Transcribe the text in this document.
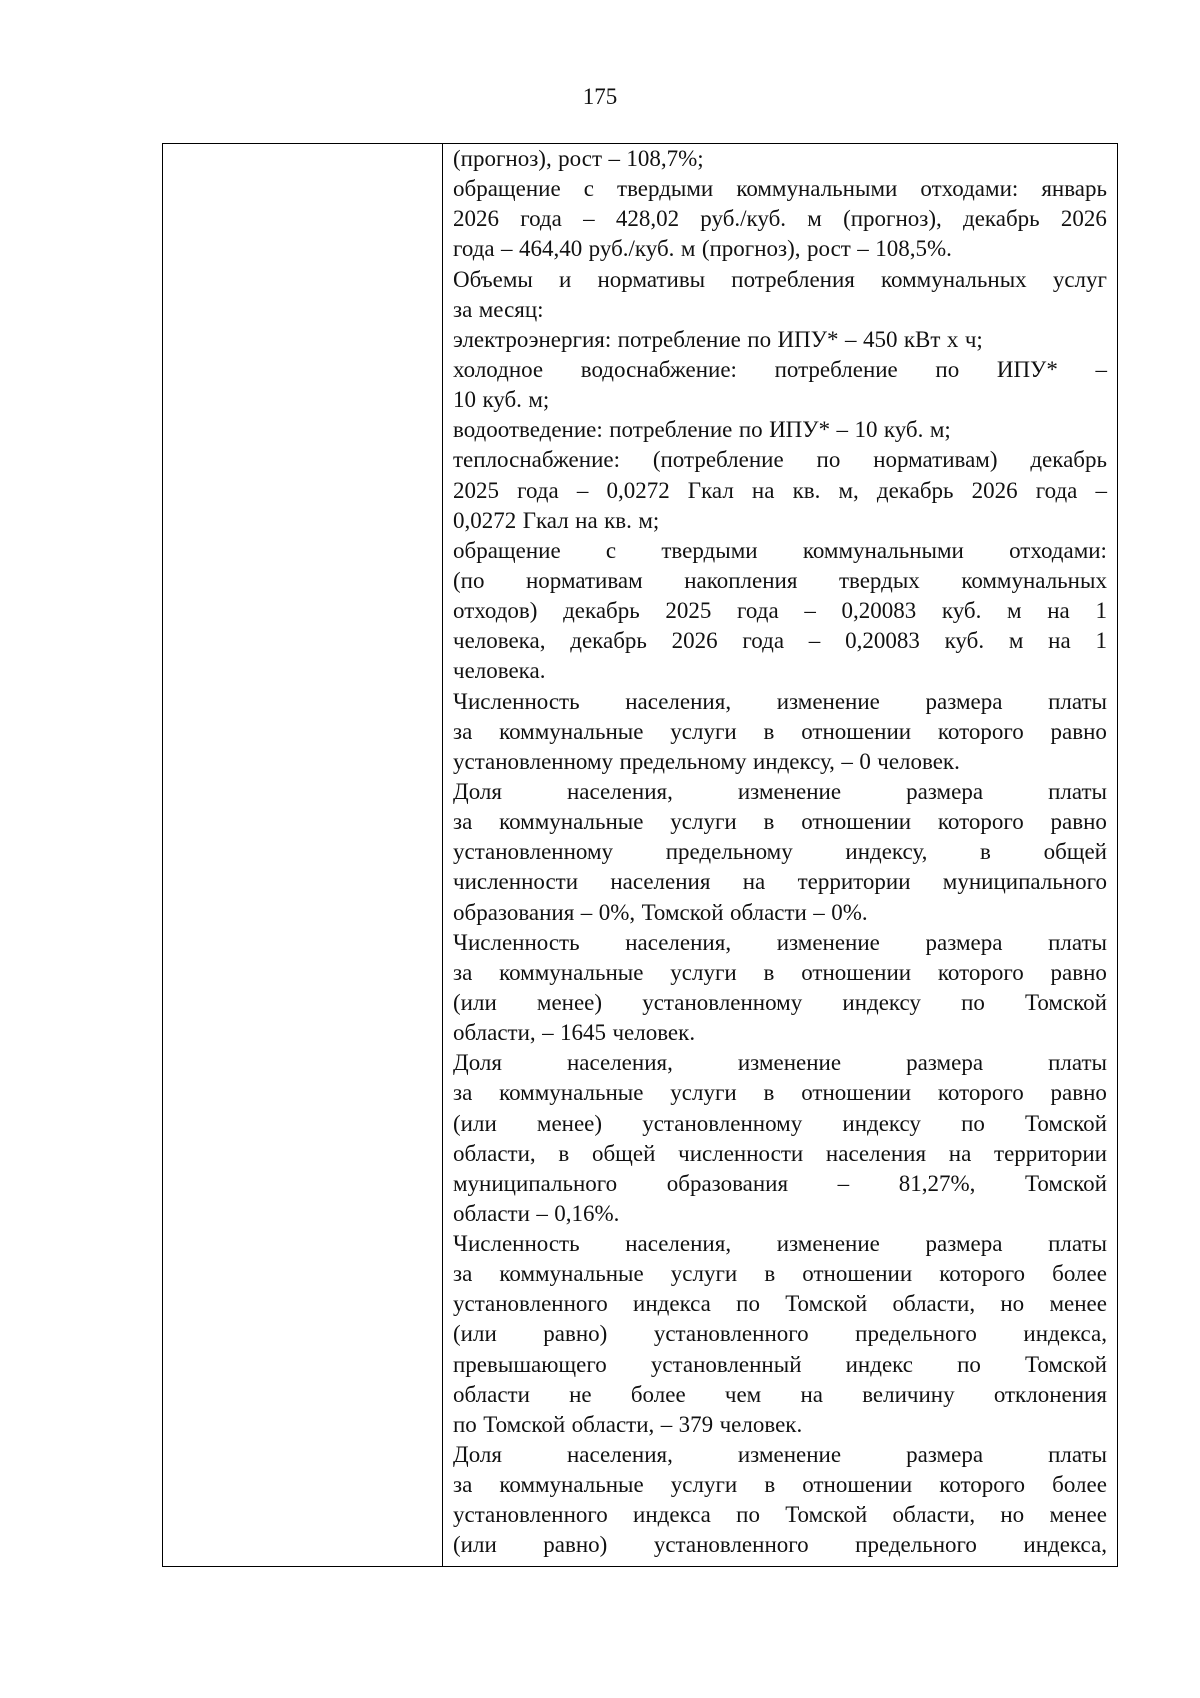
175
(прогноз), рост – 108,7%;
обращение с твердыми коммунальными отходами: январь
2026 года – 428,02 руб./куб. м (прогноз), декабрь 2026
года – 464,40 руб./куб. м (прогноз), рост – 108,5%.
Объемы и нормативы потребления коммунальных услуг
за месяц:
электроэнергия: потребление по ИПУ* – 450 кВт х ч;
холодное водоснабжение: потребление по ИПУ* –
10 куб. м;
водоотведение: потребление по ИПУ* – 10 куб. м;
теплоснабжение: (потребление по нормативам) декабрь
2025 года – 0,0272 Гкал на кв. м, декабрь 2026 года –
0,0272 Гкал на кв. м;
обращение с твердыми коммунальными отходами:
(по нормативам накопления твердых коммунальных
отходов) декабрь 2025 года – 0,20083 куб. м на 1
человека, декабрь 2026 года – 0,20083 куб. м на 1
человека.
Численность населения, изменение размера платы
за коммунальные услуги в отношении которого равно
установленному предельному индексу, – 0 человек.
Доля	населения,	изменение	размера	платы
за коммунальные услуги в отношении которого равно
установленному предельному индексу, в общей
численности населения на территории муниципального
образования – 0%, Томской области – 0%.
Численность населения, изменение размера платы
за коммунальные услуги в отношении которого равно
(или менее) установленному индексу по Томской
области, – 1645 человек.
Доля	населения,	изменение	размера	платы
за коммунальные услуги в отношении которого равно
(или менее) установленному индексу по Томской
области, в общей численности населения на территории
муниципального образования – 81,27%, Томской
области – 0,16%.
Численность населения, изменение размера платы
за коммунальные услуги в отношении которого более
установленного индекса по Томской области, но менее
(или равно) установленного предельного индекса,
превышающего установленный индекс по Томской
области не более чем на величину отклонения
по Томской области, – 379 человек.
Доля	населения,	изменение	размера	платы
за коммунальные услуги в отношении которого более
установленного индекса по Томской области, но менее
(или равно) установленного предельного индекса,
